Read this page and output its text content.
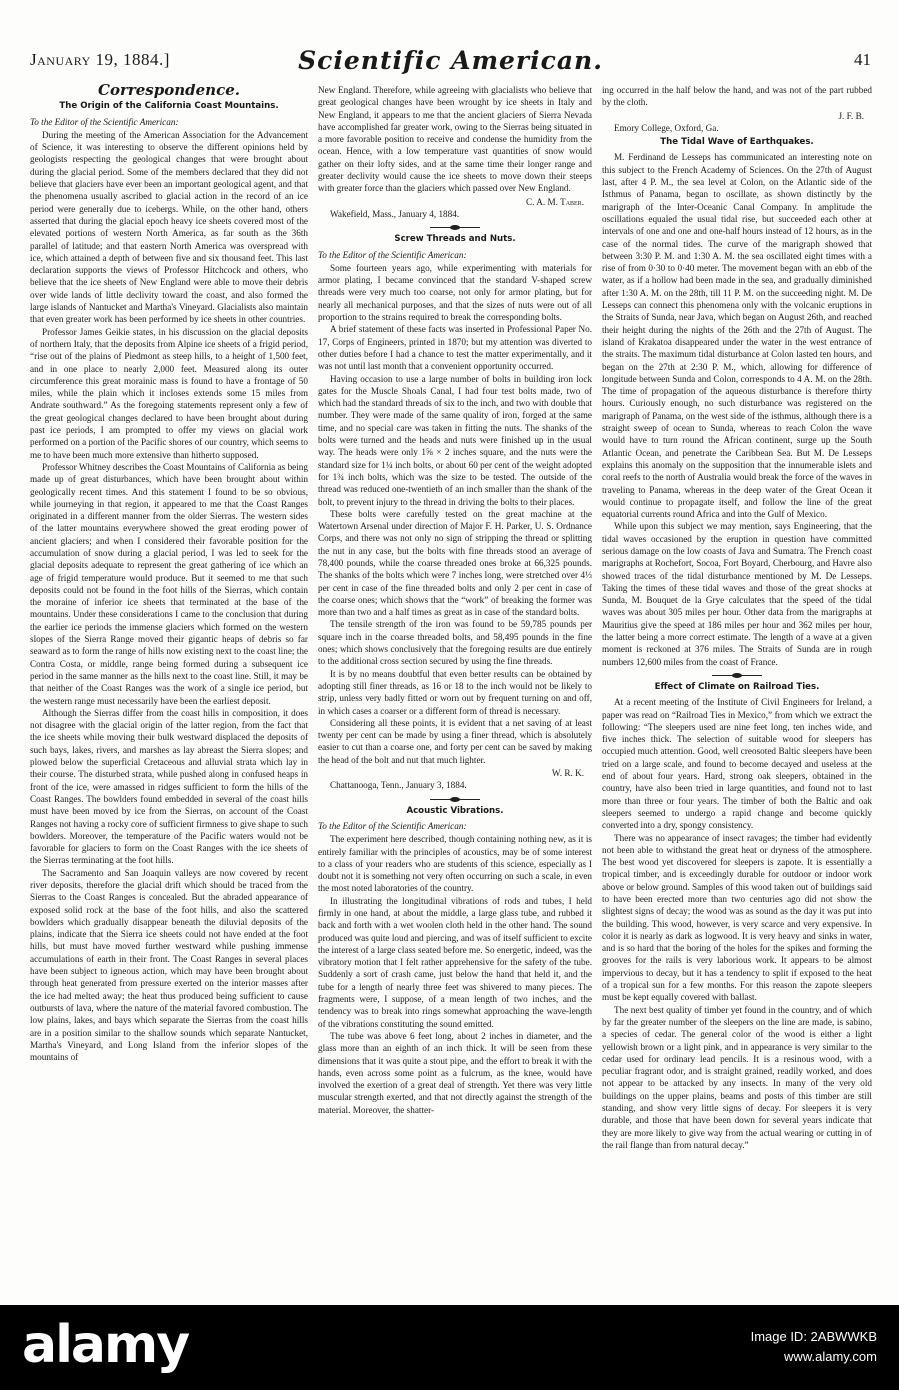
January 19, 1884.]	Scientific American.	41
Correspondence.
The Origin of the California Coast Mountains.
To the Editor of the Scientific American:

During the meeting of the American Association for the Advancement of Science, it was interesting to observe the different opinions held by geologists respecting the geological changes that were brought about during the glacial period. Some of the members declared that they did not believe that glaciers have ever been an important geological agent, and that the phenomena usually ascribed to glacial action in the record of an ice period were generally due to icebergs. While, on the other hand, others asserted that during the glacial epoch heavy ice sheets covered most of the elevated portions of western North America, as far south as the 36th parallel of latitude; and that eastern North America was overspread with ice, which attained a depth of between five and six thousand feet. This last declaration supports the views of Professor Hitchcock and others, who believe that the ice sheets of New England were able to move their debris over wide lands of little declivity toward the coast, and also formed the large islands of Nantucket and Martha's Vineyard. Glacialists also maintain that even greater work has been performed by ice sheets in other countries.

Professor James Geikie states, in his discussion on the glacial deposits of northern Italy, that the deposits from Alpine ice sheets of a frigid period, “rise out of the plains of Piedmont as steep hills, to a height of 1,500 feet, and in one place to nearly 2,000 feet. Measured along its outer circumference this great morainic mass is found to have a frontage of 50 miles, while the plain which it incloses extends some 15 miles from Andrate southward.” As the foregoing statements represent only a few of the great geological changes declared to have been brought about during past ice periods, I am prompted to offer my views on glacial work performed on a portion of the Pacific shores of our country, which seems to me to have been much more extensive than hitherto supposed.

Professor Whitney describes the Coast Mountains of California as being made up of great disturbances, which have been brought about within geologically recent times. And this statement I found to be so obvious, while journeying in that region, it appeared to me that the Coast Ranges originated in a different manner from the older Sierras. The western sides of the latter mountains everywhere showed the great eroding power of ancient glaciers; and when I considered their favorable position for the accumulation of snow during a glacial period, I was led to seek for the glacial deposits adequate to represent the great gathering of ice which an age of frigid temperature would produce. But it seemed to me that such deposits could not be found in the foot hills of the Sierras, which contain the moraine of inferior ice sheets that terminated at the base of the mountains. Under these considerations I came to the conclusion that during the earlier ice periods the immense glaciers which formed on the western slopes of the Sierra Range moved their gigantic heaps of debris so far seaward as to form the range of hills now existing next to the coast line; the Contra Costa, or middle, range being formed during a subsequent ice period in the same manner as the hills next to the coast line. Still, it may be that neither of the Coast Ranges was the work of a single ice period, but the western range must necessarily have been the earliest deposit.

Although the Sierras differ from the coast hills in composition, it does not disagree with the glacial origin of the latter region, from the fact that the ice sheets while moving their bulk westward displaced the deposits of such bays, lakes, rivers, and marshes as lay abreast the Sierra slopes; and plowed below the superficial Cretaceous and alluvial strata which lay in their course. The disturbed strata, while pushed along in confused heaps in front of the ice, were amassed in ridges sufficient to form the hills of the Coast Ranges. The bowlders found embedded in several of the coast hills must have been moved by ice from the Sierras, on account of the Coast Ranges not having a rocky core of sufficient firmness to give shape to such bowlders. Moreover, the temperature of the Pacific waters would not be favorable for glaciers to form on the Coast Ranges with the ice sheets of the Sierras terminating at the foot hills.

The Sacramento and San Joaquin valleys are now covered by recent river deposits, therefore the glacial drift which should be traced from the Sierras to the Coast Ranges is concealed. But the abraded appearance of exposed solid rock at the base of the foot hills, and also the scattered bowlders which gradually disappear beneath the diluvial deposits of the plains, indicate that the Sierra ice sheets could not have ended at the foot hills, but must have moved further westward while pushing immense accumulations of earth in their front. The Coast Ranges in several places have been subject to igneous action, which may have been brought about through heat generated from pressure exerted on the interior masses after the ice had melted away; the heat thus produced being sufficient to cause outbursts of lava, where the nature of the material favored combustion. The low plains, lakes, and bays which separate the Sierras from the coast hills are in a position similar to the shallow sounds which separate Nantucket, Martha's Vineyard, and Long Island from the inferior slopes of the mountains of

New England. Therefore, while agreeing with glacialists who believe that great geological changes have been wrought by ice sheets in Italy and New England, it appears to me that the ancient glaciers of Sierra Nevada have accomplished far greater work, owing to the Sierras being situated in a more favorable position to receive and condense the humidity from the ocean. Hence, with a low temperature vast quantities of snow would gather on their lofty sides, and at the same time their longer range and greater declivity would cause the ice sheets to move down their steeps with greater force than the glaciers which passed over New England.

C. A. M. Taber.
Wakefield, Mass., January 4, 1884.
Screw Threads and Nuts.
To the Editor of the Scientific American:

Some fourteen years ago, while experimenting with materials for armor plating, I became convinced that the standard V-shaped screw threads were very much too coarse, not only for armor plating, but for nearly all mechanical purposes, and that the sizes of nuts were out of all proportion to the strains required to break the corresponding bolts.

A brief statement of these facts was inserted in Professional Paper No. 17, Corps of Engineers, printed in 1870; but my attention was diverted to other duties before I had a chance to test the matter experimentally, and it was not until last month that a convenient opportunity occurred.

Having occasion to use a large number of bolts in building iron lock gates for the Muscle Shoals Canal, I had four test bolts made, two of which had the standard threads of six to the inch, and two with double that number. They were made of the same quality of iron, forged at the same time, and no special care was taken in fitting the nuts. The shanks of the bolts were turned and the heads and nuts were finished up in the usual way. The heads were only 1⅝ × 2 inches square, and the nuts were the standard size for 1¼ inch bolts, or about 60 per cent of the weight adopted for 1¾ inch bolts, which was the size to be tested. The outside of the thread was reduced one-twentieth of an inch smaller than the shank of the bolt, to prevent injury to the thread in driving the bolts to their places.

These bolts were carefully tested on the great machine at the Watertown Arsenal under direction of Major F. H. Parker, U. S. Ordnance Corps, and there was not only no sign of stripping the thread or splitting the nut in any case, but the bolts with fine threads stood an average of 78,400 pounds, while the coarse threaded ones broke at 66,325 pounds. The shanks of the bolts which were 7 inches long, were stretched over 4⅓ per cent in case of the fine threaded bolts and only 2 per cent in case of the coarse ones; which shows that the “work” of breaking the former was more than two and a half times as great as in case of the standard bolts.

The tensile strength of the iron was found to be 59,785 pounds per square inch in the coarse threaded bolts, and 58,495 pounds in the fine ones; which shows conclusively that the foregoing results are due entirely to the additional cross section secured by using the fine threads.

It is by no means doubtful that even better results can be obtained by adopting still finer threads, as 16 or 18 to the inch would not be likely to strip, unless very badly fitted or worn out by frequent turning on and off, in which cases a coarser or a different form of thread is necessary.

Considering all these points, it is evident that a net saving of at least twenty per cent can be made by using a finer thread, which is absolutely easier to cut than a coarse one, and forty per cent can be saved by making the head of the bolt and nut that much lighter.

W. R. K.
Chattanooga, Tenn., January 3, 1884.
Acoustic Vibrations.
To the Editor of the Scientific American:

The experiment here described, though containing nothing new, as it is entirely familiar with the principles of acoustics, may be of some interest to a class of your readers who are students of this science, especially as I doubt not it is something not very often occurring on such a scale, in even the most noted laboratories of the country.

In illustrating the longitudinal vibrations of rods and tubes, I held firmly in one hand, at about the middle, a large glass tube, and rubbed it back and forth with a wet woolen cloth held in the other hand. The sound produced was quite loud and piercing, and was of itself sufficient to excite the interest of a large class seated before me. So energetic, indeed, was the vibratory motion that I felt rather apprehensive for the safety of the tube. Suddenly a sort of crash came, just below the hand that held it, and the tube for a length of nearly three feet was shivered to many pieces. The fragments were, I suppose, of a mean length of two inches, and the tendency was to break into rings somewhat approaching the wave-length of the vibrations constituting the sound emitted.

The tube was above 6 feet long, about 2 inches in diameter, and the glass more than an eighth of an inch thick. It will be seen from these dimensions that it was quite a stout pipe, and the effort to break it with the hands, even across some point as a fulcrum, as the knee, would have involved the exertion of a great deal of strength. Yet there was very little muscular strength exerted, and that not directly against the strength of the material. Moreover, the shatter-

ing occurred in the half below the hand, and was not of the part rubbed by the cloth.

J. F. B.
Emory College, Oxford, Ga.
The Tidal Wave of Earthquakes.

M. Ferdinand de Lesseps has communicated an interesting note on this subject to the French Academy of Sciences. On the 27th of August last, after 4 P. M., the sea level at Colon, on the Atlantic side of the Isthmus of Panama, began to oscillate, as shown distinctly by the marigraph of the Inter-Oceanic Canal Company. In amplitude the oscillations equaled the usual tidal rise, but succeeded each other at intervals of one and one and one-half hours instead of 12 hours, as in the case of the normal tides. The curve of the marigraph showed that between 3:30 P. M. and 1:30 A. M. the sea oscillated eight times with a rise of from 0·30 to 0·40 meter. The movement began with an ebb of the water, as if a hollow had been made in the sea, and gradually diminished after 1:30 A. M. on the 28th, till 11 P. M. on the succeeding night. M. De Lesseps can connect this phenomena only with the volcanic eruptions in the Straits of Sunda, near Java, which began on August 26th, and reached their height during the nights of the 26th and the 27th of August. The island of Krakatoa disappeared under the water in the west entrance of the straits. The maximum tidal disturbance at Colon lasted ten hours, and began on the 27th at 2:30 P. M., which, allowing for difference of longitude between Sunda and Colon, corresponds to 4 A. M. on the 28th. The time of propagation of the aqueous disturbance is therefore thirty hours. Curiously enough, no such disturbance was registered on the marigraph of Panama, on the west side of the isthmus, although there is a straight sweep of ocean to Sunda, whereas to reach Colon the wave would have to turn round the African continent, surge up the South Atlantic Ocean, and penetrate the Caribbean Sea. But M. De Lesseps explains this anomaly on the supposition that the innumerable islets and coral reefs to the north of Australia would break the force of the waves in traveling to Panama, whereas in the deep water of the Great Ocean it would continue to propagate itself, and follow the line of the great equatorial currents round Africa and into the Gulf of Mexico.

While upon this subject we may mention, says Engineering, that the tidal waves occasioned by the eruption in question have committed serious damage on the low coasts of Java and Sumatra. The French coast marigraphs at Rochefort, Socoa, Fort Boyard, Cherbourg, and Havre also showed traces of the tidal disturbance mentioned by M. De Lesseps. Taking the times of these tidal waves and those of the great shocks at Sunda, M. Bouquet de la Grye calculates that the speed of the tidal waves was about 305 miles per hour. Other data from the marigraphs at Mauritius give the speed at 186 miles per hour and 362 miles per hour, the latter being a more correct estimate. The length of a wave at a given moment is reckoned at 376 miles. The Straits of Sunda are in rough numbers 12,600 miles from the coast of France.

Effect of Climate on Railroad Ties.

At a recent meeting of the Institute of Civil Engineers for Ireland, a paper was read on “Railroad Ties in Mexico,” from which we extract the following: “The sleepers used are nine feet long, ten inches wide, and five inches thick. The selection of suitable wood for sleepers has occupied much attention. Good, well creosoted Baltic sleepers have been tried on a large scale, and found to become decayed and useless at the end of about four years. Hard, strong oak sleepers, obtained in the country, have also been tried in large quantities, and found not to last more than three or four years. The timber of both the Baltic and oak sleepers seemed to undergo a rapid change and become quickly converted into a dry, spongy consistency.

There was no appearance of insect ravages; the timber had evidently not been able to withstand the great heat or dryness of the atmosphere. The best wood yet discovered for sleepers is zapote. It is essentially a tropical timber, and is exceedingly durable for outdoor or indoor work above or below ground. Samples of this wood taken out of buildings said to have been erected more than two centuries ago did not show the slightest signs of decay; the wood was as sound as the day it was put into the building. This wood, however, is very scarce and very expensive. In color it is nearly as dark as logwood. It is very heavy and sinks in water, and is so hard that the boring of the holes for the spikes and forming the grooves for the rails is very laborious work. It appears to be almost impervious to decay, but it has a tendency to split if exposed to the heat of a tropical sun for a few months. For this reason the zapote sleepers must be kept equally covered with ballast.

The next best quality of timber yet found in the country, and of which by far the greater number of the sleepers on the line are made, is sabino, a species of cedar. The general color of the wood is either a light yellowish brown or a light pink, and in appearance is very similar to the cedar used for ordinary lead pencils. It is a resinous wood, with a peculiar fragrant odor, and is straight grained, readily worked, and does not appear to be attacked by any insects. In many of the very old buildings on the upper plains, beams and posts of this timber are still standing, and show very little signs of decay. For sleepers it is very durable, and those that have been down for several years indicate that they are more likely to give way from the actual wearing or cutting in of the rail flange than from natural decay.”

alamy	Image ID: 2ABWWKB
www.alamy.com
